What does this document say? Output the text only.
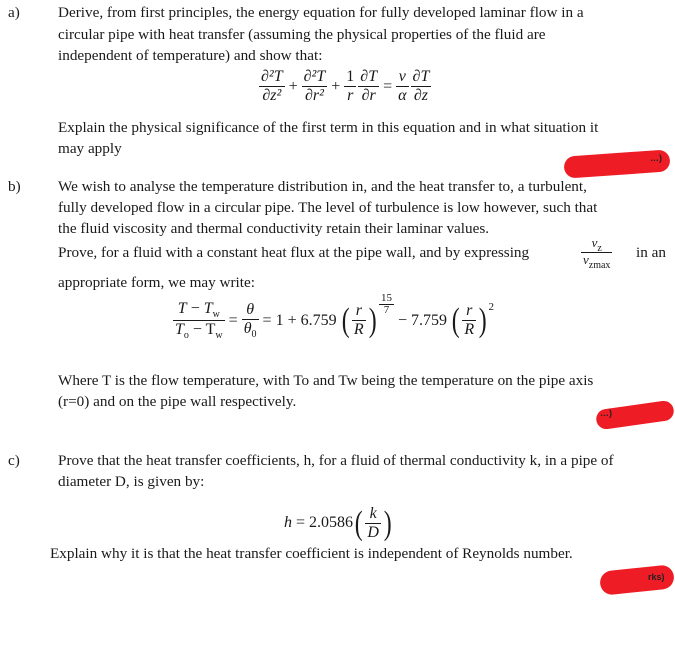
a)	Derive, from first principles, the energy equation for fully developed laminar flow in a
circular pipe with heat transfer (assuming the physical properties of the fluid are
independent of temperature) and show that:
$\frac{\text{∂²T}}{\text{∂z²}} + \frac{\text{∂²T}}{\text{∂r²}} + \frac{1}{r} \frac{\partial T}{\partial r} = \frac{v}{\alpha} \frac{\partial T}{\partial z}$
Explain the physical significance of the first term in this equation and in what situation it
may apply
…)
b) We wish to analyse the temperature distribution in, and the heat transfer to, a turbulent,
fully developed flow in a circular pipe. The level of turbulence is low however, such that
the fluid viscosity and thermal conductivity retain their laminar values.
Prove, for a fluid with a constant heat flux at the pipe wall, and by expressing	$\frac{v_z}{v_{zmax}}$ in an
appropriate form, we may write:
$\frac{T - T_w}{T_o - T_w} = \frac{\theta}{\theta_0} = 1 + 6.759$ ( $\frac{r}{R}$ ) $\frac{15}{7}$
− 7.759 ( $\frac{r}{R}$ ) $^2$
Where T is the flow temperature, with To and Tw being the temperature on the pipe axis
(r=0) and on the pipe wall respectively.
…)
c)	Prove that the heat transfer coefficients, h, for a fluid of thermal conductivity k, in a pipe of
diameter D, is given by:
$h = 2.0586( \frac{k}{D}$ )
Explain why it is that the heat transfer coefficient is independent of Reynolds number.
rks)
